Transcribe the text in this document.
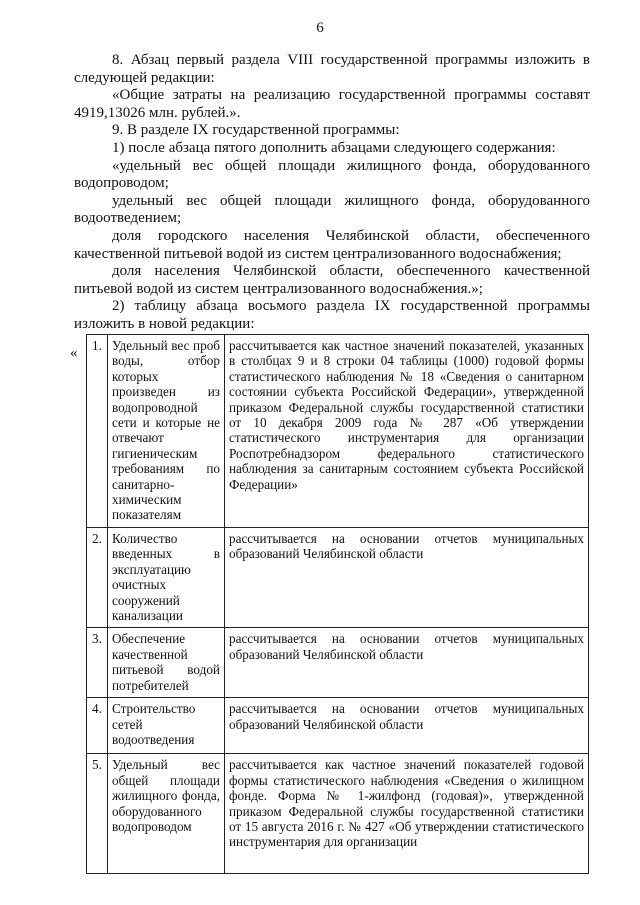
6

8. Абзац первый раздела VIII государственной программы изложить в следующей редакции:

«Общие затраты на реализацию государственной программы составят 4919,13026 млн. рублей.».

9. В разделе IX государственной программы:

1) после абзаца пятого дополнить абзацами следующего содержания:

«удельный вес общей площади жилищного фонда, оборудованного водопроводом;

удельный вес общей площади жилищного фонда, оборудованного водоотведением;

доля городского населения Челябинской области, обеспеченного качественной питьевой водой из систем централизованного водоснабжения;

доля населения Челябинской области, обеспеченного качественной питьевой водой из систем централизованного водоснабжения.»;

2) таблицу абзаца восьмого раздела IX государственной программы изложить в новой редакции:

« 1.	Удельный вес проб воды, отбор которых произведен из водопроводной сети и которые не отвечают гигиеническим требованиям по санитарно-химическим показателям	рассчитывается как частное значений показателей, указанных в столбцах 9 и 8 строки 04 таблицы (1000) годовой формы статистического наблюдения № 18 «Сведения о санитарном состоянии субъекта Российской Федерации», утвержденной приказом Федеральной службы государственной статистики от 10 декабря 2009 года № 287 «Об утверждении статистического инструментария для организации Роспотребнадзором федерального статистического наблюдения за санитарным состоянием субъекта Российской Федерации»
2.	Количество введенных в эксплуатацию очистных сооружений канализации	рассчитывается на основании отчетов муниципальных образований Челябинской области
3.	Обеспечение качественной питьевой водой потребителей	рассчитывается на основании отчетов муниципальных образований Челябинской области
4.	Строительство сетей водоотведения	рассчитывается на основании отчетов муниципальных образований Челябинской области
5.	Удельный вес общей площади жилищного фонда, оборудованного водопроводом	рассчитывается как частное значений показателей годовой формы статистического наблюдения «Сведения о жилищном фонде. Форма № 1-жилфонд (годовая)», утвержденной приказом Федеральной службы государственной статистики от 15 августа 2016 г. № 427 «Об утверждении статистического инструментария для организации
